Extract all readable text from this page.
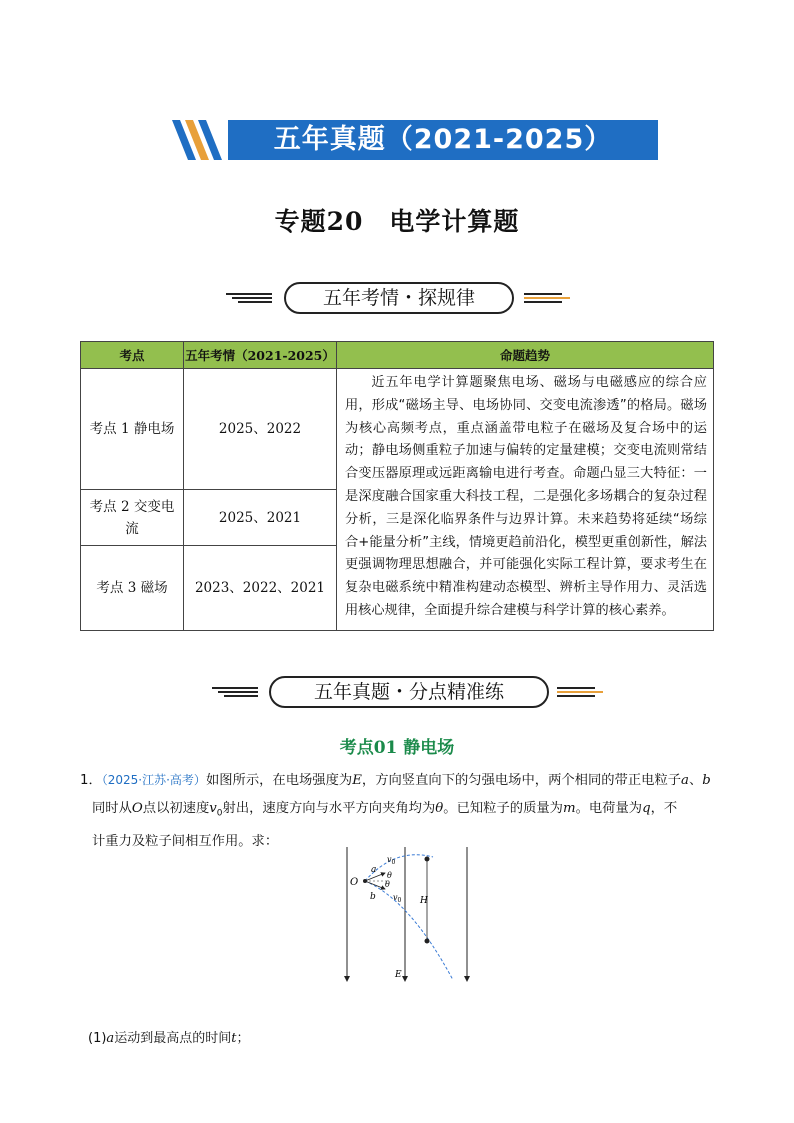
五年真题（2021-2025）
专题20　电学计算题
五年考情・探规律
考点	五年考情（2021-2025）	命题趋势
考点 1 静电场	2025、2022	近五年电学计算题聚焦电场、磁场与电磁感应的综合应用，形成“磁场主导、电场协同、交变电流渗透”的格局。磁场为核心高频考点，重点涵盖带电粒子在磁场及复合场中的运动；静电场侧重粒子加速与偏转的定量建模；交变电流则常结合变压器原理或远距离输电进行考查。命题凸显三大特征：一是深度融合国家重大科技工程，二是强化多场耦合的复杂过程分析，三是深化临界条件与边界计算。未来趋势将延续“场综合+能量分析”主线，情境更趋前沿化，模型更重创新性，解法更强调物理思想融合，并可能强化实际工程计算，要求考生在复杂电磁系统中精准构建动态模型、辨析主导作用力、灵活选用核心规律，全面提升综合建模与科学计算的核心素养。
考点 2 交变电流	2025、2021	
考点 3 磁场	2023、2022、2021	
五年真题・分点精准练
考点01 静电场
1．（2025·江苏·高考）如图所示，在电场强度为E，方向竖直向下的匀强电场中，两个相同的带正电粒子a、b
同时从O点以初速度$v_0$射出，速度方向与水平方向夹角均为θ。已知粒子的质量为m。电荷量为q，不
计重力及粒子间相互作用。求：
O
a
b
$v_0$
$v_0$
θ
θ
H
E
(1)a运动到最高点的时间t；
